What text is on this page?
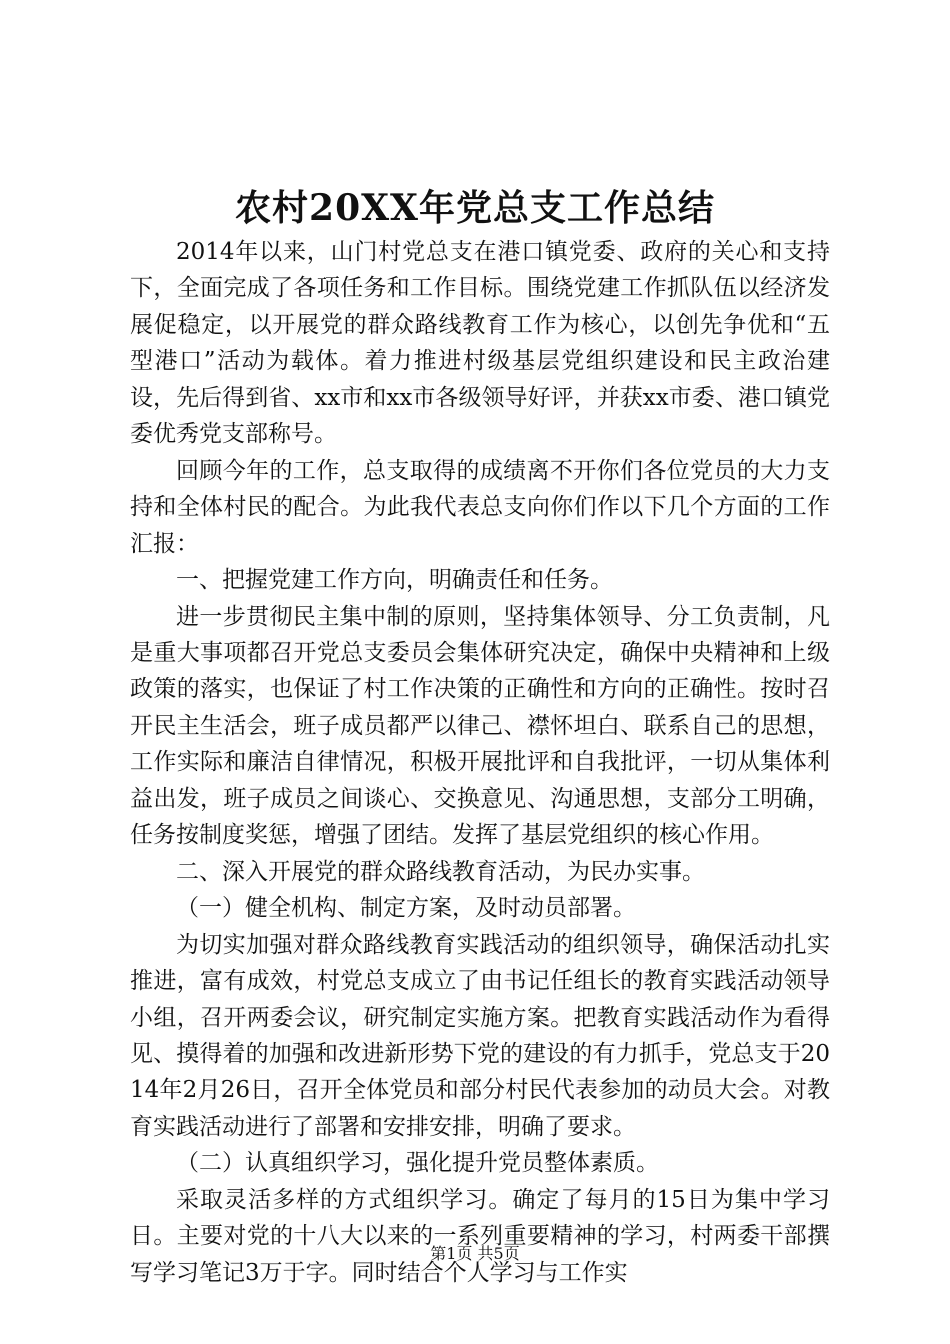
农村20XX年党总支工作总结

2014年以来，山门村党总支在港口镇党委、政府的关心和支持下，全面完成了各项任务和工作目标。围绕党建工作抓队伍以经济发展促稳定，以开展党的群众路线教育工作为核心，以创先争优和“五型港口”活动为载体。着力推进村级基层党组织建设和民主政治建设，先后得到省、xx市和xx市各级领导好评，并获xx市委、港口镇党委优秀党支部称号。

回顾今年的工作，总支取得的成绩离不开你们各位党员的大力支持和全体村民的配合。为此我代表总支向你们作以下几个方面的工作汇报：

一、把握党建工作方向，明确责任和任务。

进一步贯彻民主集中制的原则，坚持集体领导、分工负责制，凡是重大事项都召开党总支委员会集体研究决定，确保中央精神和上级政策的落实，也保证了村工作决策的正确性和方向的正确性。按时召开民主生活会，班子成员都严以律己、襟怀坦白、联系自己的思想，工作实际和廉洁自律情况，积极开展批评和自我批评，一切从集体利益出发，班子成员之间谈心、交换意见、沟通思想，支部分工明确，任务按制度奖惩，增强了团结。发挥了基层党组织的核心作用。

二、深入开展党的群众路线教育活动，为民办实事。

（一）健全机构、制定方案，及时动员部署。

为切实加强对群众路线教育实践活动的组织领导，确保活动扎实推进，富有成效，村党总支成立了由书记任组长的教育实践活动领导小组，召开两委会议，研究制定实施方案。把教育实践活动作为看得见、摸得着的加强和改进新形势下党的建设的有力抓手，党总支于2014年2月26日，召开全体党员和部分村民代表参加的动员大会。对教育实践活动进行了部署和安排安排，明确了要求。

（二）认真组织学习，强化提升党员整体素质。

采取灵活多样的方式组织学习。确定了每月的15日为集中学习日。主要对党的十八大以来的一系列重要精神的学习，村两委干部撰写学习笔记3万于字。同时结合个人学习与工作实

第1页 共5页
